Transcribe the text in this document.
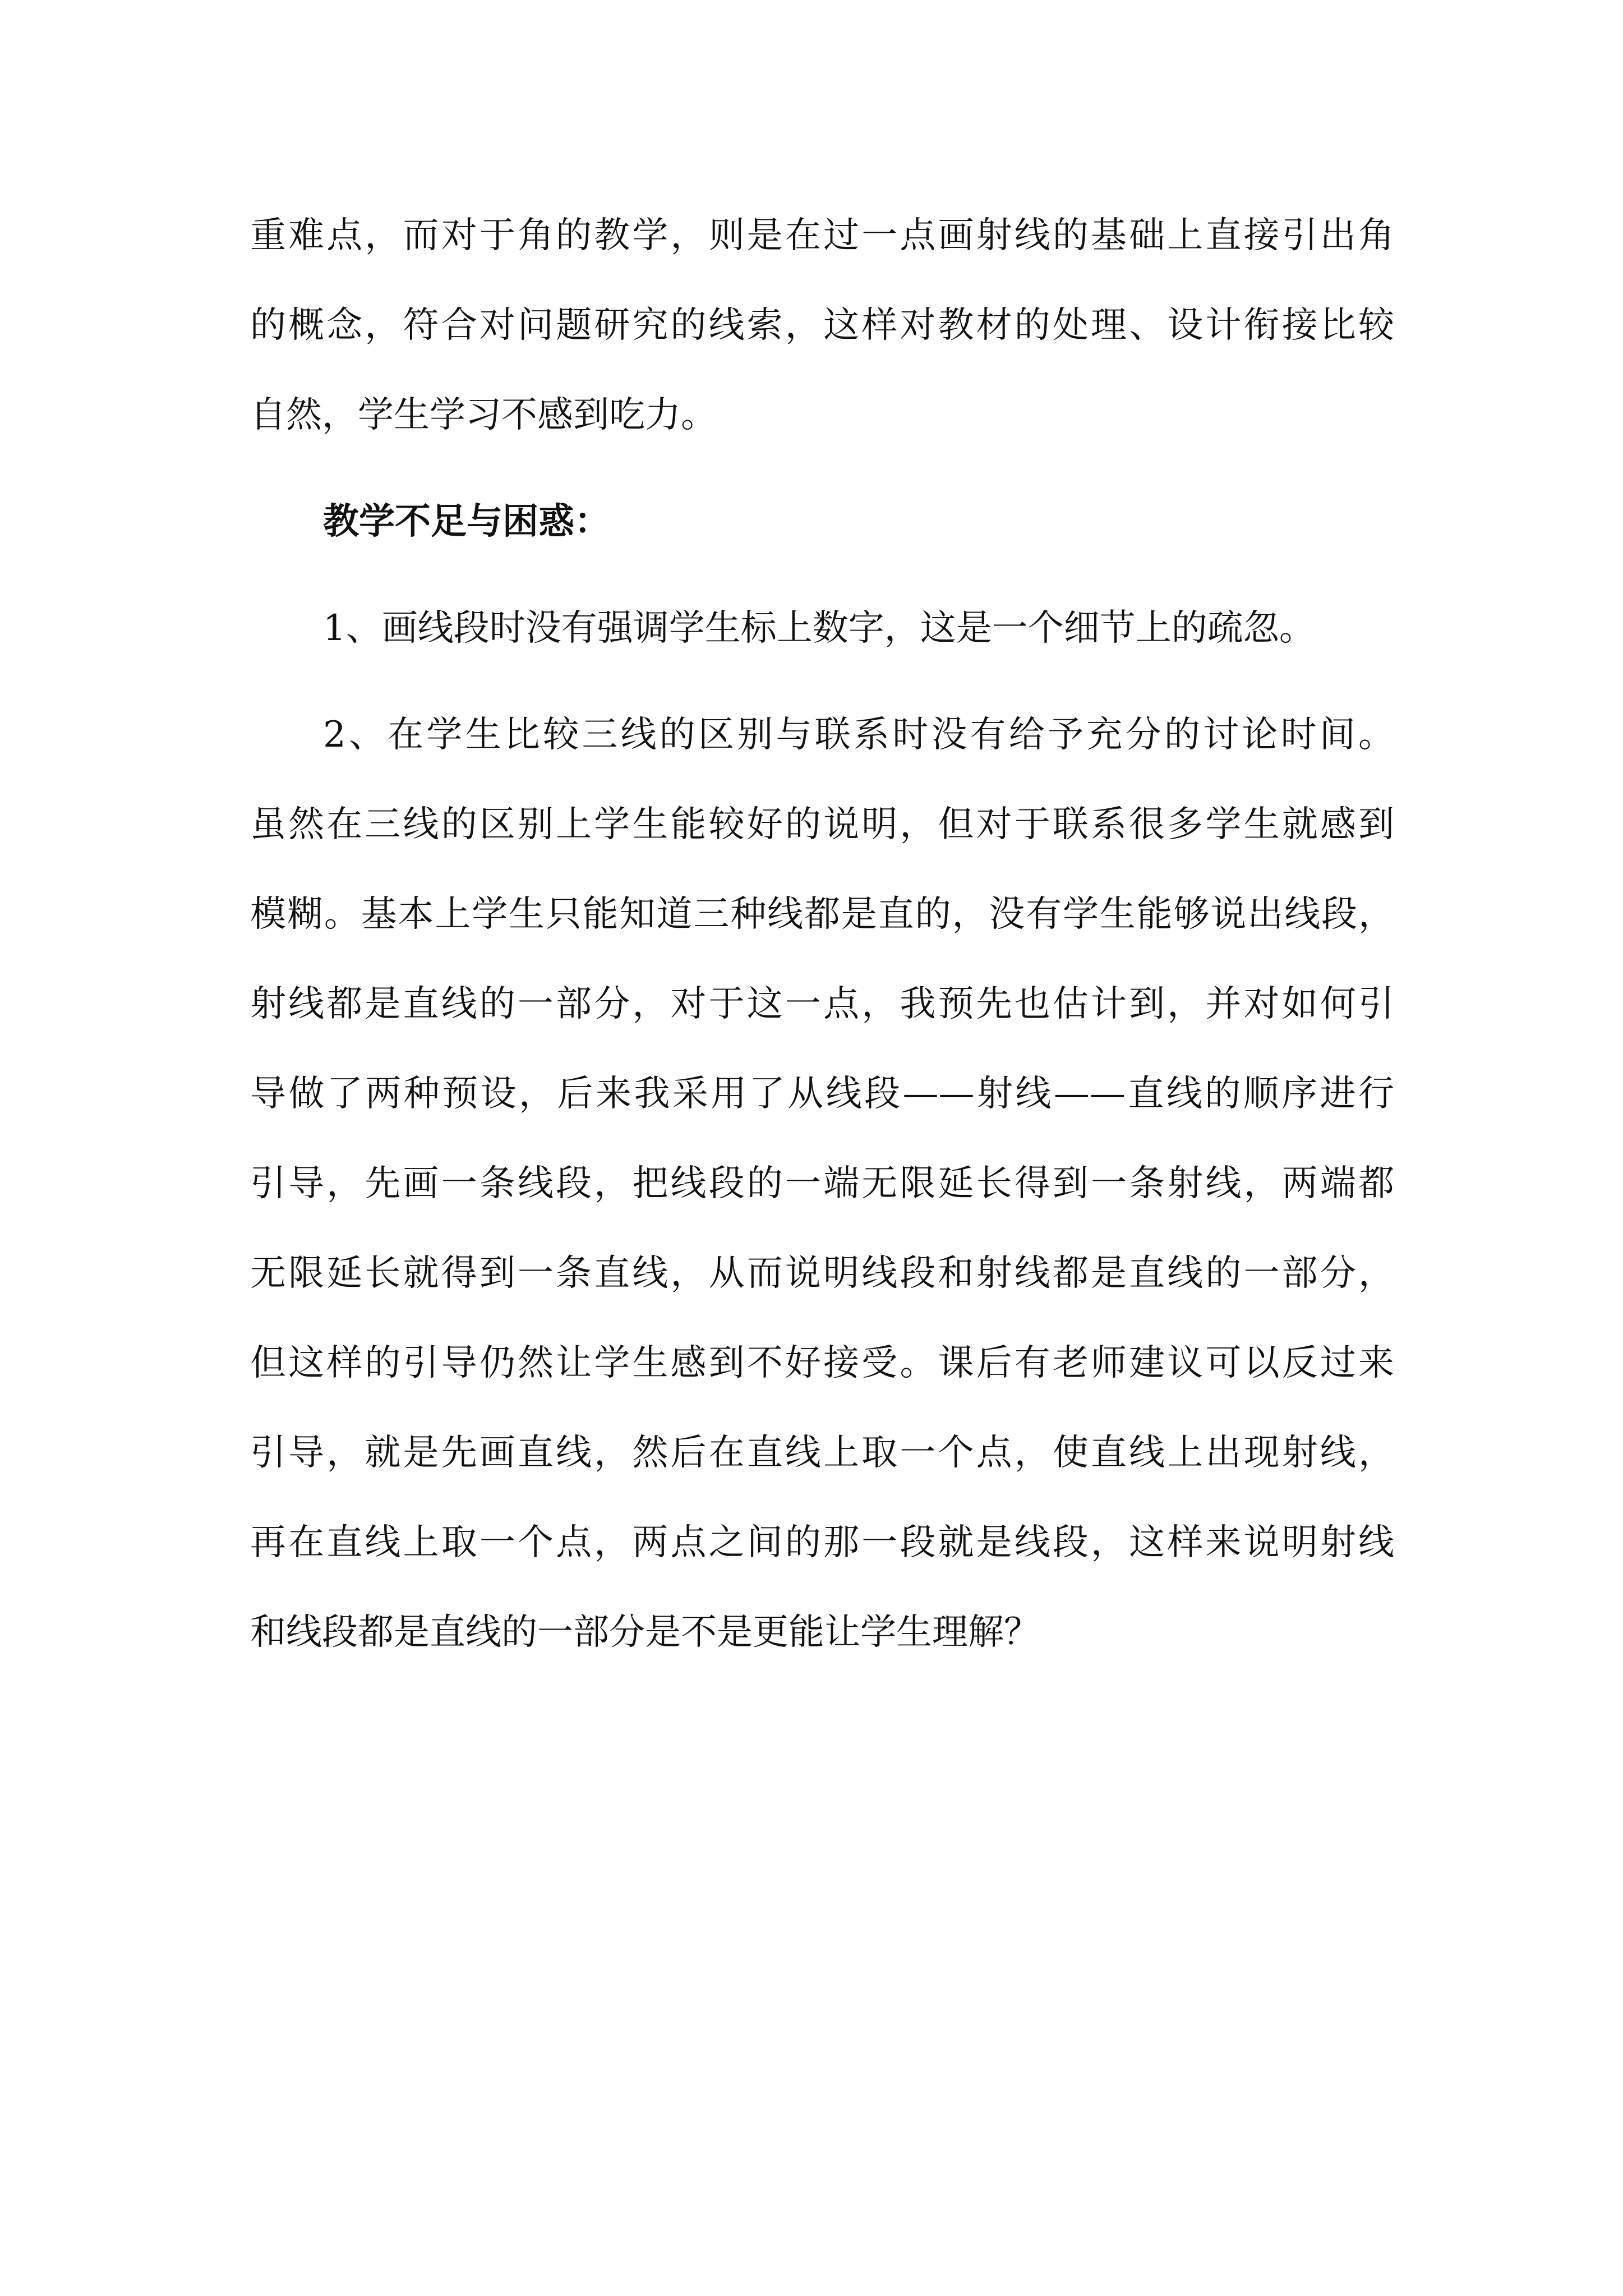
重难点，而对于角的教学，则是在过一点画射线的基础上直接引出角
的概念，符合对问题研究的线索，这样对教材的处理、设计衔接比较
自然，学生学习不感到吃力。
教学不足与困惑：
1、画线段时没有强调学生标上数字，这是一个细节上的疏忽。
2、在学生比较三线的区别与联系时没有给予充分的讨论时间。
虽然在三线的区别上学生能较好的说明，但对于联系很多学生就感到
模糊。基本上学生只能知道三种线都是直的，没有学生能够说出线段，
射线都是直线的一部分，对于这一点，我预先也估计到，并对如何引
导做了两种预设，后来我采用了从线段——射线——直线的顺序进行
引导，先画一条线段，把线段的一端无限延长得到一条射线，两端都
无限延长就得到一条直线，从而说明线段和射线都是直线的一部分，
但这样的引导仍然让学生感到不好接受。课后有老师建议可以反过来
引导，就是先画直线，然后在直线上取一个点，使直线上出现射线，
再在直线上取一个点，两点之间的那一段就是线段，这样来说明射线
和线段都是直线的一部分是不是更能让学生理解？
